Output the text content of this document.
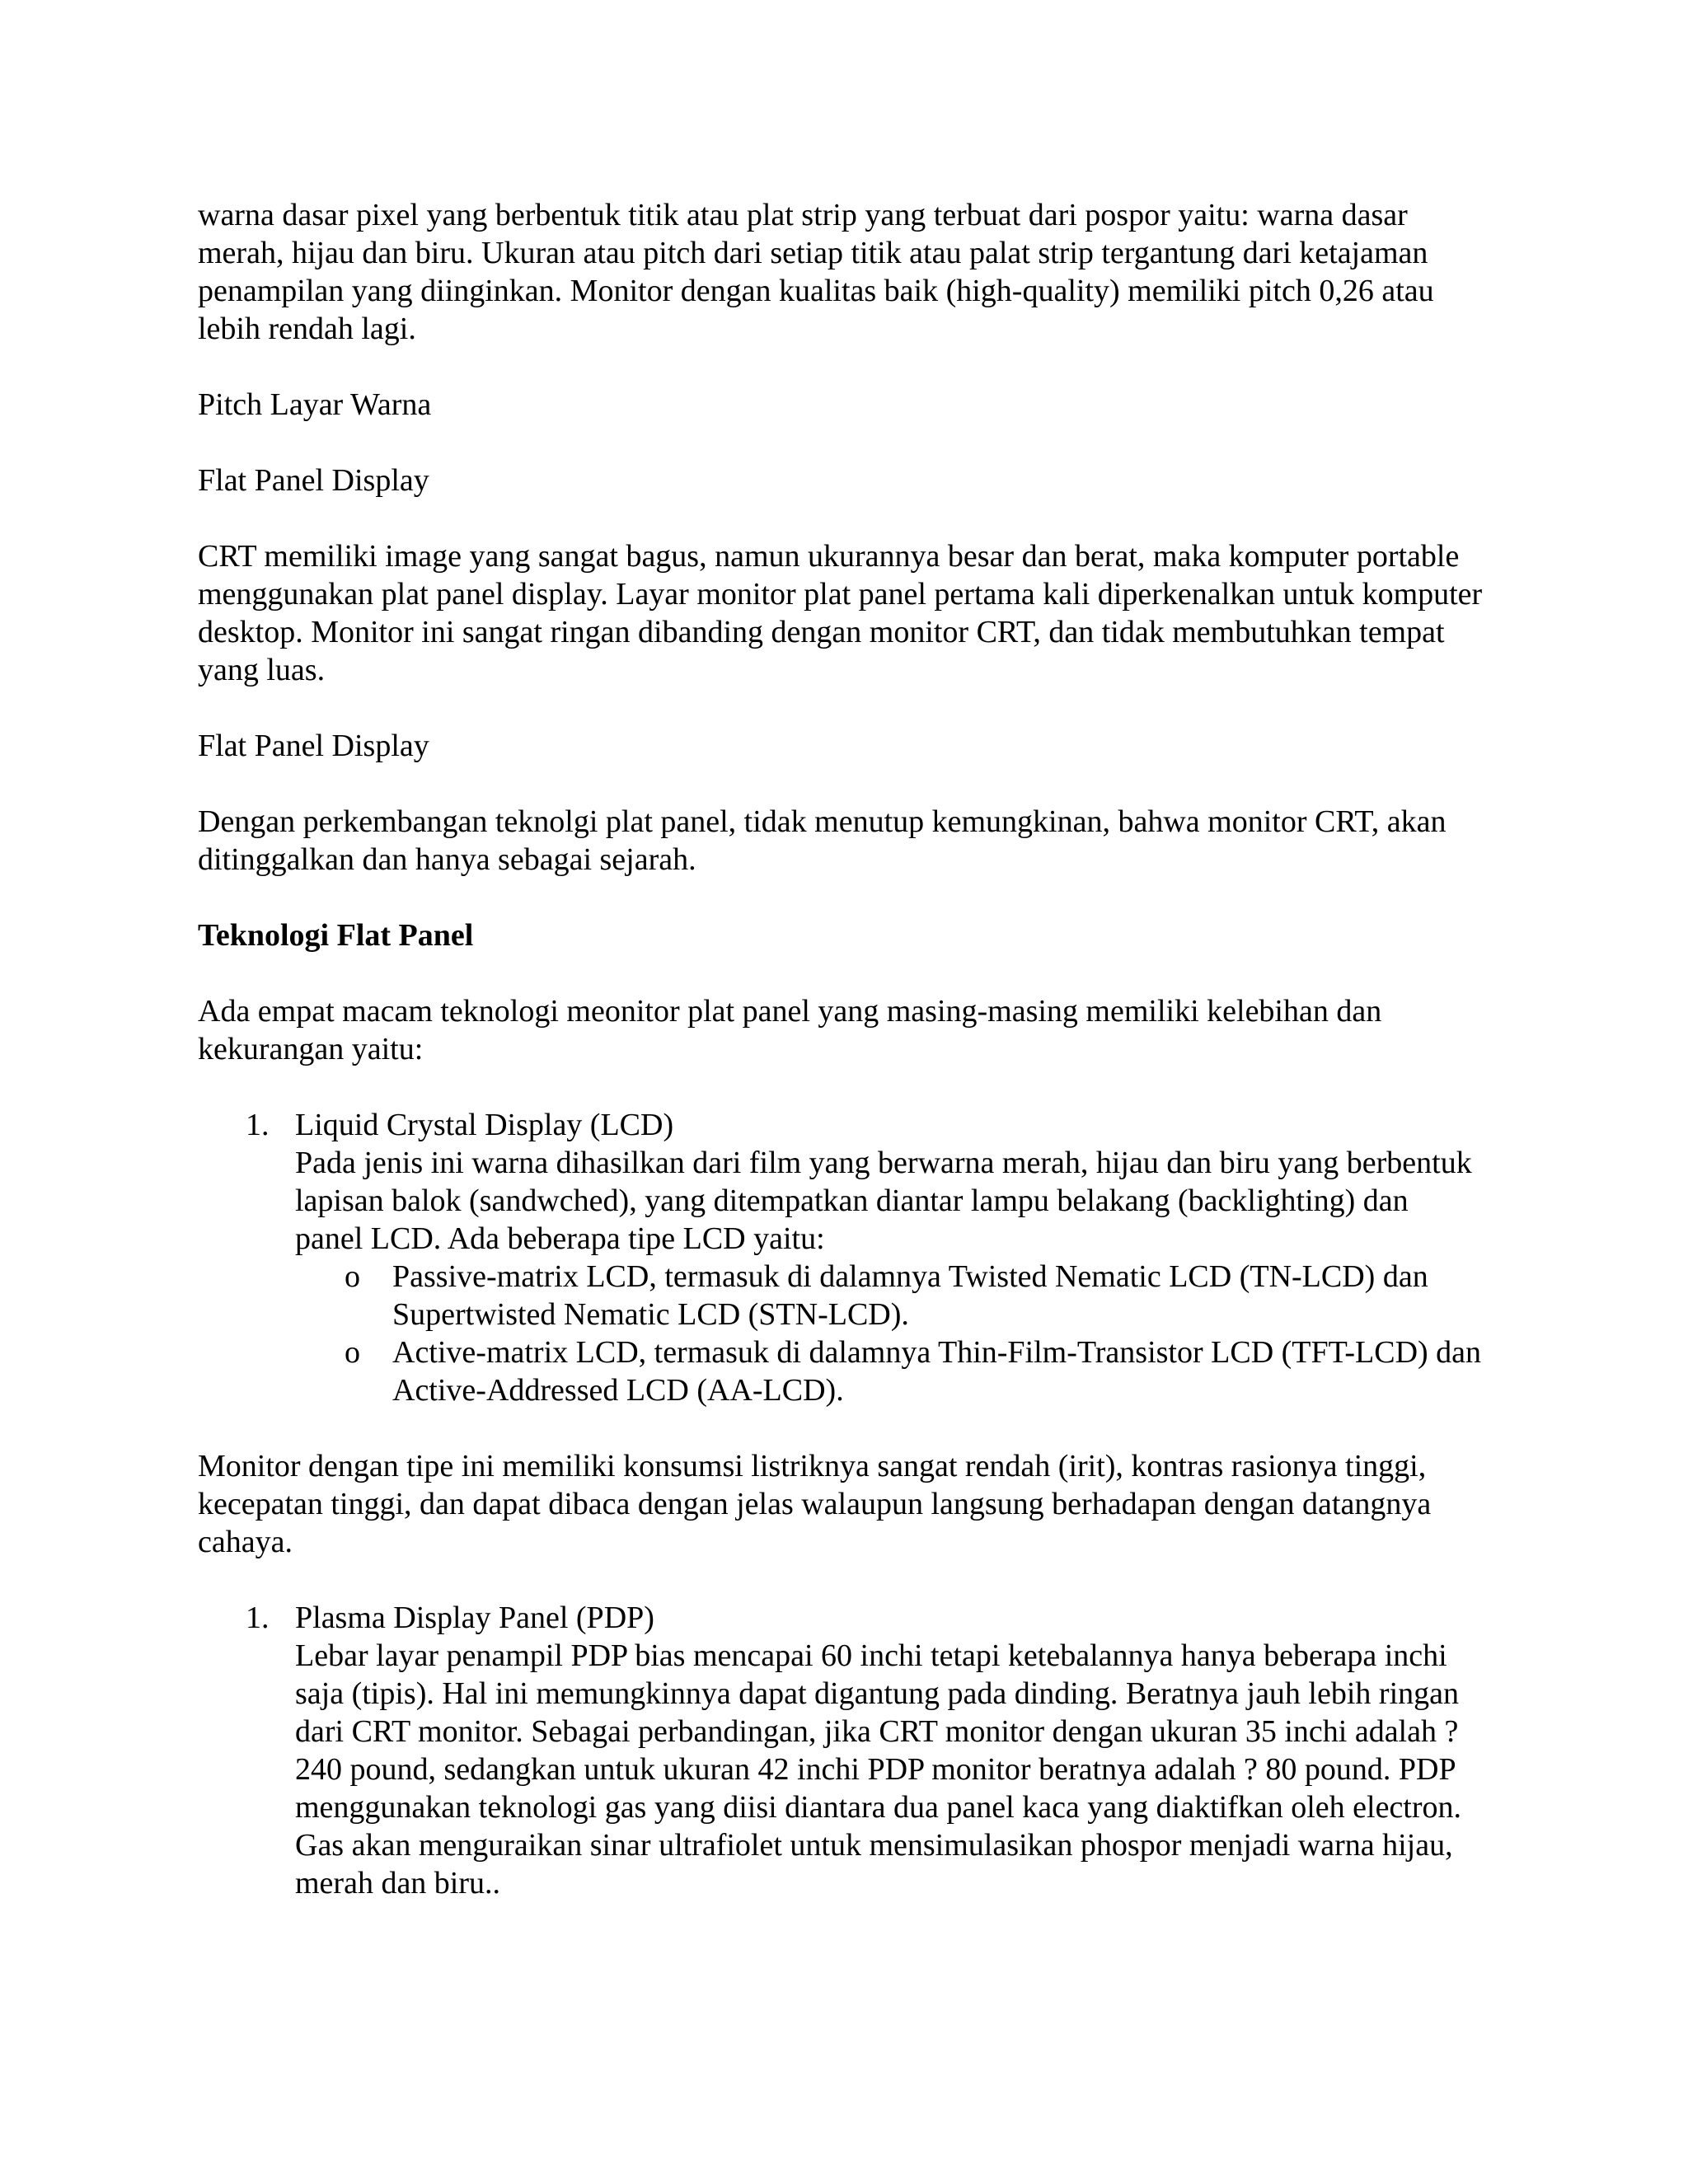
warna dasar pixel yang berbentuk titik atau plat strip yang terbuat dari pospor yaitu: warna dasar merah, hijau dan biru. Ukuran atau pitch dari setiap titik atau palat strip tergantung dari ketajaman penampilan yang diinginkan. Monitor dengan kualitas baik (high-quality) memiliki pitch 0,26 atau lebih rendah lagi.

Pitch Layar Warna

Flat Panel Display

CRT memiliki image yang sangat bagus, namun ukurannya besar dan berat, maka komputer portable menggunakan plat panel display. Layar monitor plat panel pertama kali diperkenalkan untuk komputer desktop. Monitor ini sangat ringan dibanding dengan monitor CRT, dan tidak membutuhkan tempat yang luas.

Flat Panel Display

Dengan perkembangan teknolgi plat panel, tidak menutup kemungkinan, bahwa monitor CRT, akan ditinggalkan dan hanya sebagai sejarah.

Teknologi Flat Panel

Ada empat macam teknologi meonitor plat panel yang masing-masing memiliki kelebihan dan kekurangan yaitu:

1. Liquid Crystal Display (LCD)
Pada jenis ini warna dihasilkan dari film yang berwarna merah, hijau dan biru yang berbentuk lapisan balok (sandwched), yang ditempatkan diantar lampu belakang (backlighting) dan panel LCD. Ada beberapa tipe LCD yaitu:
o Passive-matrix LCD, termasuk di dalamnya Twisted Nematic LCD (TN-LCD) dan Supertwisted Nematic LCD (STN-LCD).
o Active-matrix LCD, termasuk di dalamnya Thin-Film-Transistor LCD (TFT-LCD) dan Active-Addressed LCD (AA-LCD).

Monitor dengan tipe ini memiliki konsumsi listriknya sangat rendah (irit), kontras rasionya tinggi, kecepatan tinggi, dan dapat dibaca dengan jelas walaupun langsung berhadapan dengan datangnya cahaya.

1. Plasma Display Panel (PDP)
Lebar layar penampil PDP bias mencapai 60 inchi tetapi ketebalannya hanya beberapa inchi saja (tipis). Hal ini memungkinnya dapat digantung pada dinding. Beratnya jauh lebih ringan dari CRT monitor. Sebagai perbandingan, jika CRT monitor dengan ukuran 35 inchi adalah ? 240 pound, sedangkan untuk ukuran 42 inchi PDP monitor beratnya adalah ? 80 pound. PDP menggunakan teknologi gas yang diisi diantara dua panel kaca yang diaktifkan oleh electron. Gas akan menguraikan sinar ultrafiolet untuk mensimulasikan phospor menjadi warna hijau, merah dan biru..
